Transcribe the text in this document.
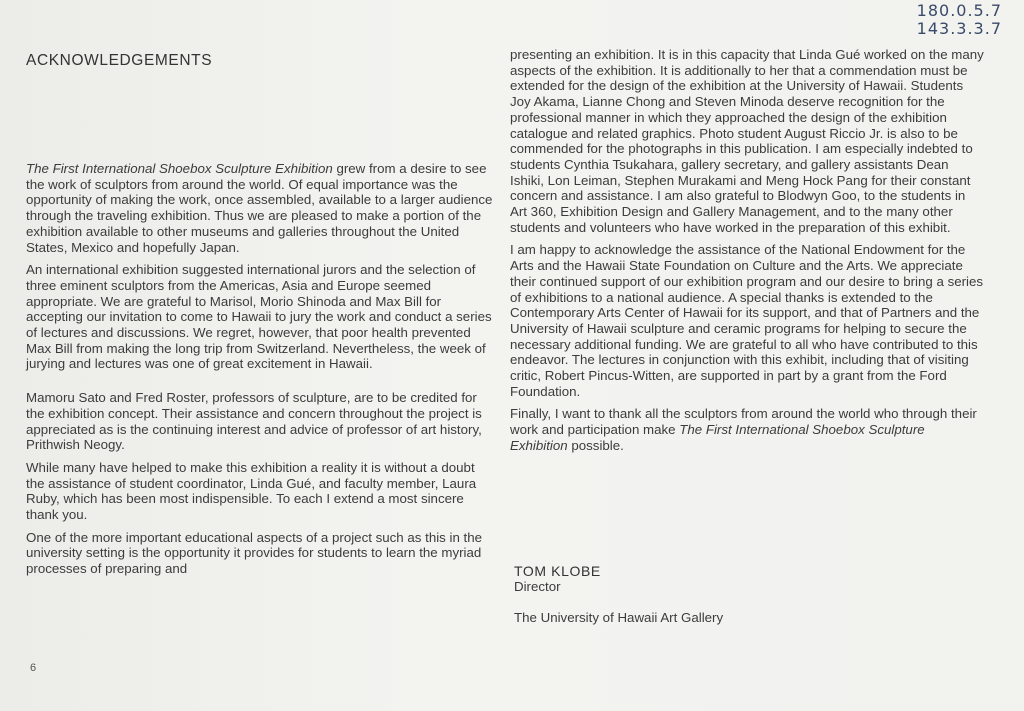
180.0.5.7
143.3.3.7
ACKNOWLEDGEMENTS

The First International Shoebox Sculpture Exhibition grew from a desire to see the work of sculptors from around the world. Of equal importance was the opportunity of making the work, once assembled, available to a larger audience through the traveling exhibition. Thus we are pleased to make a portion of the exhibition available to other museums and galleries throughout the United States, Mexico and hopefully Japan.

An international exhibition suggested international jurors and the selection of three eminent sculptors from the Americas, Asia and Europe seemed appropriate. We are grateful to Marisol, Morio Shinoda and Max Bill for accepting our invitation to come to Hawaii to jury the work and conduct a series of lectures and discussions. We regret, however, that poor health prevented Max Bill from making the long trip from Switzerland. Nevertheless, the week of jurying and lectures was one of great excitement in Hawaii.

Mamoru Sato and Fred Roster, professors of sculpture, are to be credited for the exhibition concept. Their assistance and concern throughout the project is appreciated as is the continuing interest and advice of professor of art history, Prithwish Neogy.

While many have helped to make this exhibition a reality it is without a doubt the assistance of student coordinator, Linda Gué, and faculty member, Laura Ruby, which has been most indispensible. To each I extend a most sincere thank you.

One of the more important educational aspects of a project such as this in the university setting is the opportunity it provides for students to learn the myriad processes of preparing and

presenting an exhibition. It is in this capacity that Linda Gué worked on the many aspects of the exhibition. It is additionally to her that a commendation must be extended for the design of the exhibition at the University of Hawaii. Students Joy Akama, Lianne Chong and Steven Minoda deserve recognition for the professional manner in which they approached the design of the exhibition catalogue and related graphics. Photo student August Riccio Jr. is also to be commended for the photographs in this publication. I am especially indebted to students Cynthia Tsukahara, gallery secretary, and gallery assistants Dean Ishiki, Lon Leiman, Stephen Murakami and Meng Hock Pang for their constant concern and assistance. I am also grateful to Blodwyn Goo, to the students in Art 360, Exhibition Design and Gallery Management, and to the many other students and volunteers who have worked in the preparation of this exhibit.

I am happy to acknowledge the assistance of the National Endowment for the Arts and the Hawaii State Foundation on Culture and the Arts. We appreciate their continued support of our exhibition program and our desire to bring a series of exhibitions to a national audience. A special thanks is extended to the Contemporary Arts Center of Hawaii for its support, and that of Partners and the University of Hawaii sculpture and ceramic programs for helping to secure the necessary additional funding. We are grateful to all who have contributed to this endeavor. The lectures in conjunction with this exhibit, including that of visiting critic, Robert Pincus-Witten, are supported in part by a grant from the Ford Foundation.

Finally, I want to thank all the sculptors from around the world who through their work and participation make The First International Shoebox Sculpture Exhibition possible.

TOM KLOBE
Director
The University of Hawaii Art Gallery
6
